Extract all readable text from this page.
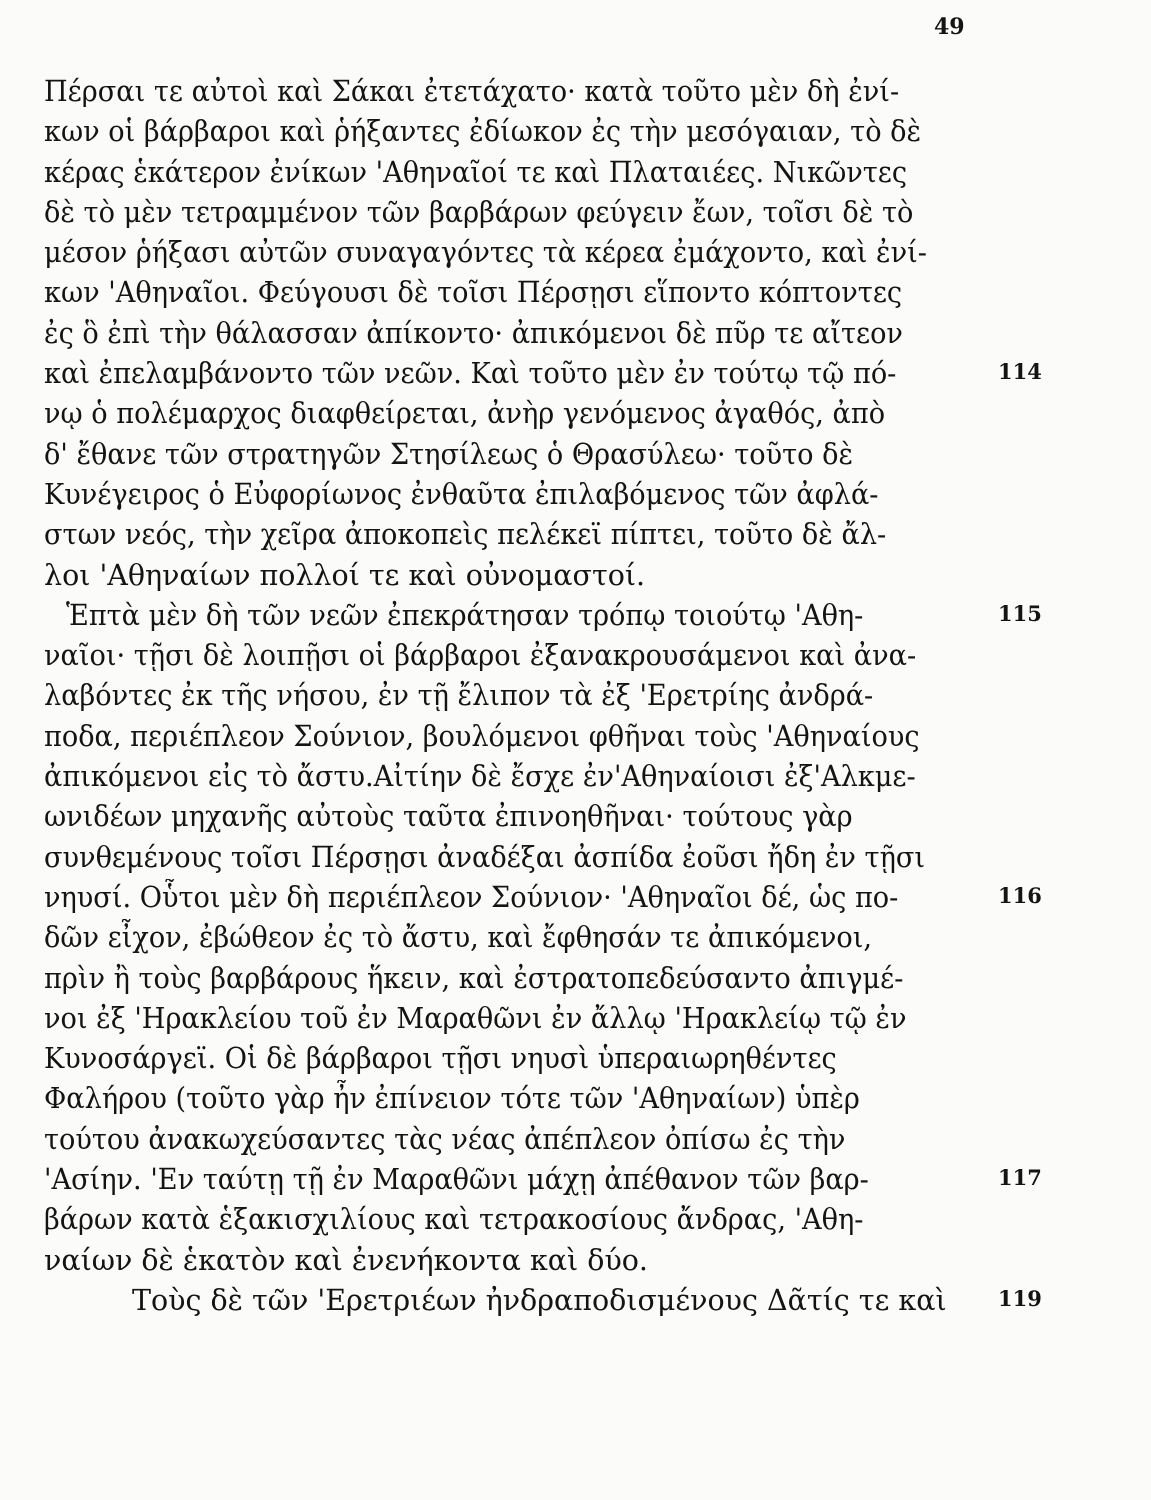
49
Πέρσαι τε αὐτοὶ καὶ Σάκαι ἐτετάχατο· κατὰ τοῦτο μὲν δὴ ἐνί-
κων οἱ βάρβαροι καὶ ῥήξαντες ἐδίωκον ἐς τὴν μεσόγαιαν, τὸ δὲ
κέρας ἑκάτερον ἐνίκων 'Αθηναῖοί τε καὶ Πλαταιέες. Νικῶντες
δὲ τὸ μὲν τετραμμένον τῶν βαρβάρων φεύγειν ἔων, τοῖσι δὲ τὸ
μέσον ῥήξασι αὐτῶν συναγαγόντες τὰ κέρεα ἐμάχοντο, καὶ ἐνί-
κων 'Αθηναῖοι. Φεύγουσι δὲ τοῖσι Πέρσῃσι εἵποντο κόπτοντες
ἐς ὃ ἐπὶ τὴν θάλασσαν ἀπίκοντο· ἀπικόμενοι δὲ πῦρ τε αἴτεον
καὶ ἐπελαμβάνοντο τῶν νεῶν. Καὶ τοῦτο μὲν ἐν τούτῳ τῷ πό-	114
νῳ ὁ πολέμαρχος διαφθείρεται, ἀνὴρ γενόμενος ἀγαθός, ἀπὸ
δ' ἔθανε τῶν στρατηγῶν Στησίλεως ὁ Θρασύλεω· τοῦτο δὲ
Κυνέγειρος ὁ Εὐφορίωνος ἐνθαῦτα ἐπιλαβόμενος τῶν ἀφλά-
στων νεός, τὴν χεῖρα ἀποκοπεὶς πελέκεϊ πίπτει, τοῦτο δὲ ἄλ-
λοι 'Αθηναίων πολλοί τε καὶ οὐνομαστοί.
Ἑπτὰ μὲν δὴ τῶν νεῶν ἐπεκράτησαν τρόπῳ τοιούτῳ 'Αθη-	115
ναῖοι· τῇσι δὲ λοιπῇσι οἱ βάρβαροι ἐξανακρουσάμενοι καὶ ἀνα-
λαβόντες ἐκ τῆς νήσου, ἐν τῇ ἔλιπον τὰ ἐξ 'Ερετρίης ἀνδρά-
ποδα, περιέπλεον Σούνιον, βουλόμενοι φθῆναι τοὺς 'Αθηναίους
ἀπικόμενοι εἰς τὸ ἄστυ.Αἰτίην δὲ ἔσχε ἐν'Αθηναίοισι ἐξ'Αλκμε-
ωνιδέων μηχανῆς αὐτοὺς ταῦτα ἐπινοηθῆναι· τούτους γὰρ
συνθεμένους τοῖσι Πέρσῃσι ἀναδέξαι ἀσπίδα ἐοῦσι ἤδη ἐν τῇσι
νηυσί. Οὗτοι μὲν δὴ περιέπλεον Σούνιον· 'Αθηναῖοι δέ, ὡς πο-	116
δῶν εἶχον, ἐβώθεον ἐς τὸ ἄστυ, καὶ ἔφθησάν τε ἀπικόμενοι,
πρὶν ἢ τοὺς βαρβάρους ἥκειν, καὶ ἐστρατοπεδεύσαντο ἀπιγμέ-
νοι ἐξ 'Ηρακλείου τοῦ ἐν Μαραθῶνι ἐν ἄλλῳ 'Ηρακλείῳ τῷ ἐν
Κυνοσάργεϊ. Οἱ δὲ βάρβαροι τῇσι νηυσὶ ὑπεραιωρηθέντες
Φαλήρου (τοῦτο γὰρ ἦν ἐπίνειον τότε τῶν 'Αθηναίων) ὑπὲρ
τούτου ἀνακωχεύσαντες τὰς νέας ἀπέπλεον ὀπίσω ἐς τὴν
'Ασίην. 'Εν ταύτῃ τῇ ἐν Μαραθῶνι μάχῃ ἀπέθανον τῶν βαρ-	117
βάρων κατὰ ἑξακισχιλίους καὶ τετρακοσίους ἄνδρας, 'Αθη-
ναίων δὲ ἑκατὸν καὶ ἐνενήκοντα καὶ δύο.
Τοὺς δὲ τῶν 'Ερετριέων ἠνδραποδισμένους Δᾶτίς τε καὶ 119
